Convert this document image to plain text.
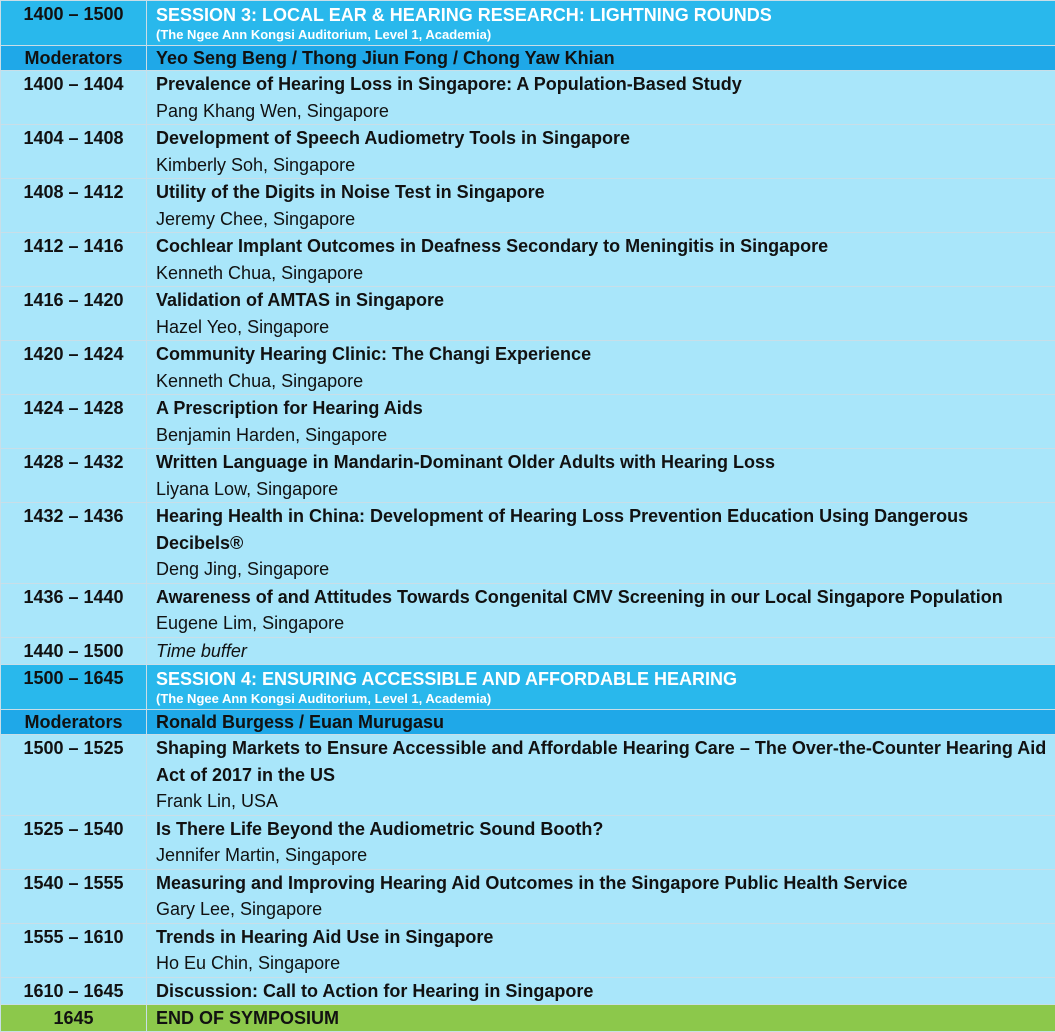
1400 – 1500	SESSION 3: LOCAL EAR & HEARING RESEARCH: LIGHTNING ROUNDS
(The Ngee Ann Kongsi Auditorium, Level 1, Academia)

Moderators	Yeo Seng Beng / Thong Jiun Fong / Chong Yaw Khian
1400 – 1404	Prevalence of Hearing Loss in Singapore: A Population-Based Study
Pang Khang Wen, Singapore

1404 – 1408	Development of Speech Audiometry Tools in Singapore
Kimberly Soh, Singapore

1408 – 1412	Utility of the Digits in Noise Test in Singapore
Jeremy Chee, Singapore

1412 – 1416	Cochlear Implant Outcomes in Deafness Secondary to Meningitis in Singapore
Kenneth Chua, Singapore

1416 – 1420	Validation of AMTAS in Singapore
Hazel Yeo, Singapore

1420 – 1424	Community Hearing Clinic: The Changi Experience
Kenneth Chua, Singapore

1424 – 1428	A Prescription for Hearing Aids
Benjamin Harden, Singapore

1428 – 1432	Written Language in Mandarin-Dominant Older Adults with Hearing Loss
Liyana Low, Singapore

1432 – 1436	Hearing Health in China: Development of Hearing Loss Prevention Education Using Dangerous Decibels®
Deng Jing, Singapore

1436 – 1440	Awareness of and Attitudes Towards Congenital CMV Screening in our Local Singapore Population
Eugene Lim, Singapore

1440 – 1500	Time buffer

1500 – 1645	SESSION 4: ENSURING ACCESSIBLE AND AFFORDABLE HEARING
(The Ngee Ann Kongsi Auditorium, Level 1, Academia)

Moderators	Ronald Burgess / Euan Murugasu
1500 – 1525	Shaping Markets to Ensure Accessible and Affordable Hearing Care – The Over-the-Counter Hearing Aid Act of 2017 in the US
Frank Lin, USA

1525 – 1540	Is There Life Beyond the Audiometric Sound Booth?
Jennifer Martin, Singapore

1540 – 1555	Measuring and Improving Hearing Aid Outcomes in the Singapore Public Health Service
Gary Lee, Singapore

1555 – 1610	Trends in Hearing Aid Use in Singapore
Ho Eu Chin, Singapore

1610 – 1645	Discussion: Call to Action for Hearing in Singapore

1645	END OF SYMPOSIUM
